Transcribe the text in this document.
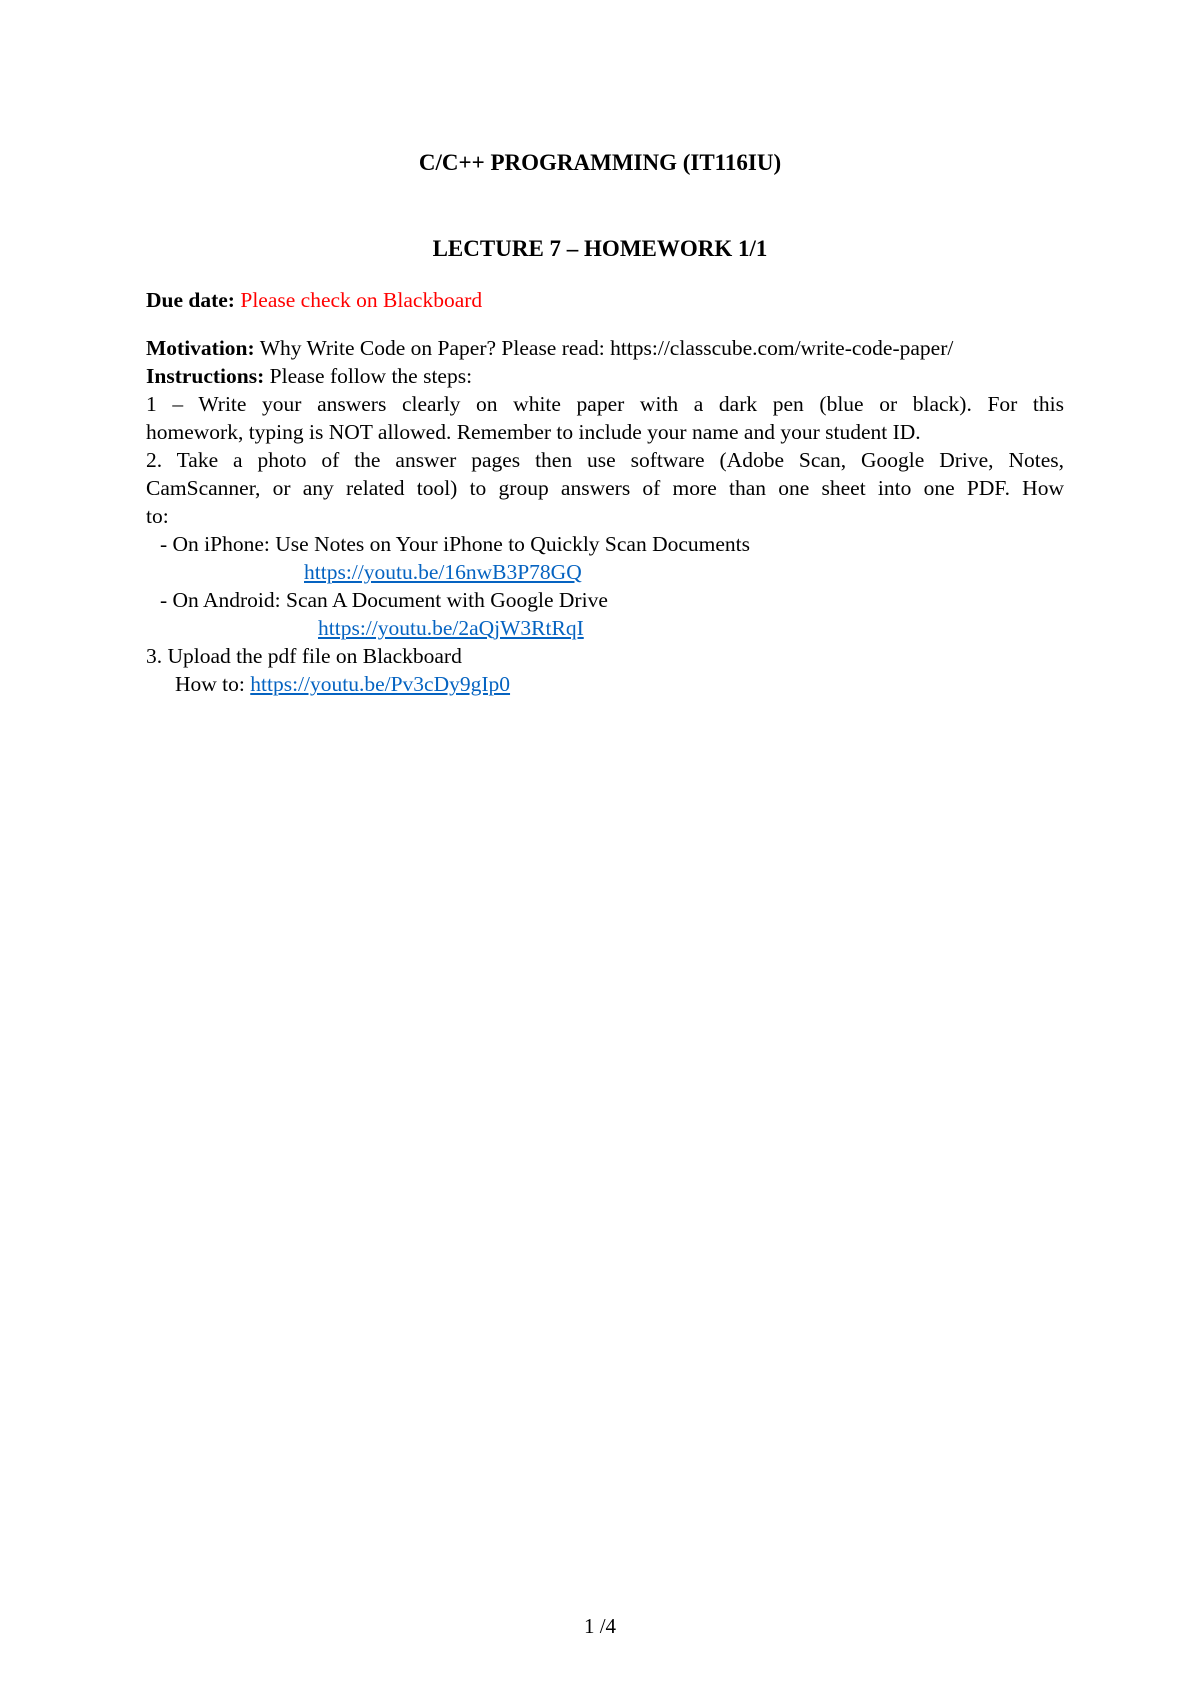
C/C++ PROGRAMMING (IT116IU)
LECTURE 7 – HOMEWORK 1/1
Due date: Please check on Blackboard
Motivation: Why Write Code on Paper? Please read: https://classcube.com/write-code-paper/
Instructions: Please follow the steps:
1 – Write your answers clearly on white paper with a dark pen (blue or black). For this
homework, typing is NOT allowed. Remember to include your name and your student ID.
2. Take a photo of the answer pages then use software (Adobe Scan, Google Drive, Notes,
CamScanner, or any related tool) to group answers of more than one sheet into one PDF. How
to:
- On iPhone: Use Notes on Your iPhone to Quickly Scan Documents
https://youtu.be/16nwB3P78GQ
- On Android: Scan A Document with Google Drive
https://youtu.be/2aQjW3RtRqI
3. Upload the pdf file on Blackboard
How to: https://youtu.be/Pv3cDy9gIp0
1 /4
